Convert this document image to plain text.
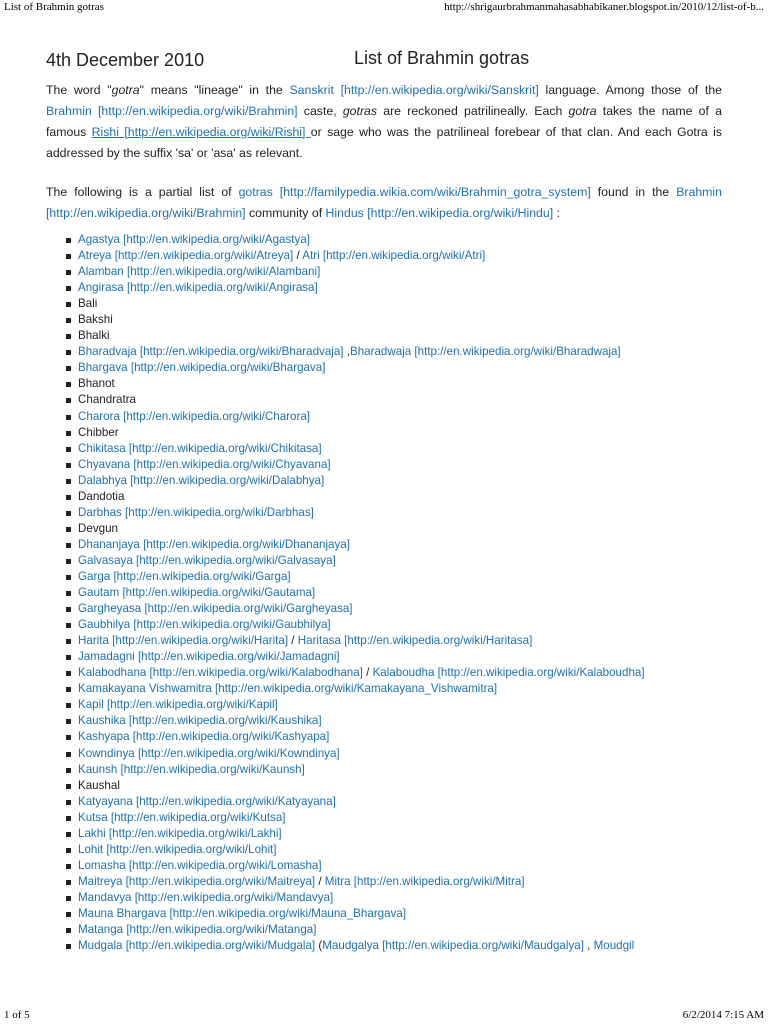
List of Brahmin gotras	http://shrigaurbrahmanmahasabhabikaner.blogspot.in/2010/12/list-of-b...
4th December 2010	List of Brahmin gotras

The word "gotra" means "lineage" in the Sanskrit [http://en.wikipedia.org/wiki/Sanskrit] language. Among those of the Brahmin [http://en.wikipedia.org/wiki/Brahmin] caste, gotras are reckoned patrilineally. Each gotra takes the name of a famous Rishi [http://en.wikipedia.org/wiki/Rishi] or sage who was the patrilineal forebear of that clan. And each Gotra is addressed by the suffix 'sa' or 'asa' as relevant.

The following is a partial list of gotras [http://familypedia.wikia.com/wiki/Brahmin_gotra_system] found in the Brahmin [http://en.wikipedia.org/wiki/Brahmin] community of Hindus [http://en.wikipedia.org/wiki/Hindu] :

Agastya [http://en.wikipedia.org/wiki/Agastya]
Atreya [http://en.wikipedia.org/wiki/Atreya] / Atri [http://en.wikipedia.org/wiki/Atri]
Alamban [http://en.wikipedia.org/wiki/Alambani]
Angirasa [http://en.wikipedia.org/wiki/Angirasa]
Bali
Bakshi
Bhalki
Bharadvaja [http://en.wikipedia.org/wiki/Bharadvaja] ,Bharadwaja [http://en.wikipedia.org/wiki/Bharadwaja]
Bhargava [http://en.wikipedia.org/wiki/Bhargava]
Bhanot
Chandratra
Charora [http://en.wikipedia.org/wiki/Charora]
Chibber
Chikitasa [http://en.wikipedia.org/wiki/Chikitasa]
Chyavana [http://en.wikipedia.org/wiki/Chyavana]
Dalabhya [http://en.wikipedia.org/wiki/Dalabhya]
Dandotia
Darbhas [http://en.wikipedia.org/wiki/Darbhas]
Devgun
Dhananjaya [http://en.wikipedia.org/wiki/Dhananjaya]
Galvasaya [http://en.wikipedia.org/wiki/Galvasaya]
Garga [http://en.wikipedia.org/wiki/Garga]
Gautam [http://en.wikipedia.org/wiki/Gautama]
Gargheyasa [http://en.wikipedia.org/wiki/Gargheyasa]
Gaubhilya [http://en.wikipedia.org/wiki/Gaubhilya]
Harita [http://en.wikipedia.org/wiki/Harita] / Haritasa [http://en.wikipedia.org/wiki/Haritasa]
Jamadagni [http://en.wikipedia.org/wiki/Jamadagni]
Kalabodhana [http://en.wikipedia.org/wiki/Kalabodhana] / Kalaboudha [http://en.wikipedia.org/wiki/Kalaboudha]
Kamakayana Vishwamitra [http://en.wikipedia.org/wiki/Kamakayana_Vishwamitra]
Kapil [http://en.wikipedia.org/wiki/Kapil]
Kaushika [http://en.wikipedia.org/wiki/Kaushika]
Kashyapa [http://en.wikipedia.org/wiki/Kashyapa]
Kowndinya [http://en.wikipedia.org/wiki/Kowndinya]
Kaunsh [http://en.wikipedia.org/wiki/Kaunsh]
Kaushal
Katyayana [http://en.wikipedia.org/wiki/Katyayana]
Kutsa [http://en.wikipedia.org/wiki/Kutsa]
Lakhi [http://en.wikipedia.org/wiki/Lakhi]
Lohit [http://en.wikipedia.org/wiki/Lohit]
Lomasha [http://en.wikipedia.org/wiki/Lomasha]
Maitreya [http://en.wikipedia.org/wiki/Maitreya] / Mitra [http://en.wikipedia.org/wiki/Mitra]
Mandavya [http://en.wikipedia.org/wiki/Mandavya]
Mauna Bhargava [http://en.wikipedia.org/wiki/Mauna_Bhargava]
Matanga [http://en.wikipedia.org/wiki/Matanga]
Mudgala [http://en.wikipedia.org/wiki/Mudgala] (Maudgalya [http://en.wikipedia.org/wiki/Maudgalya] , Moudgil
1 of 5	6/2/2014 7:15 AM
